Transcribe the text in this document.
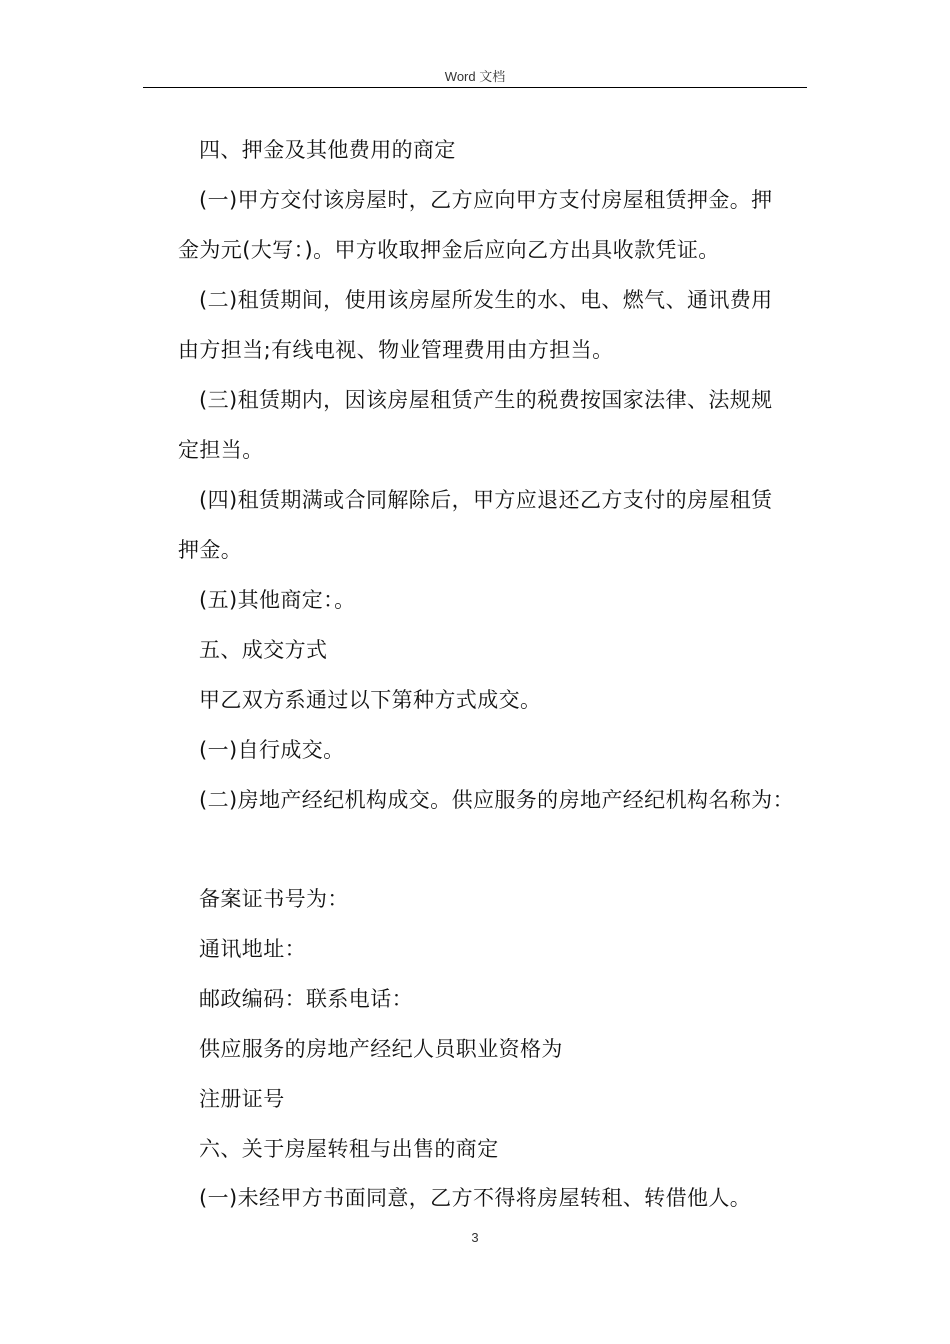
Word 文档
四、押金及其他费用的商定
(一)甲方交付该房屋时，乙方应向甲方支付房屋租赁押金。押
金为元(大写：)。甲方收取押金后应向乙方出具收款凭证。
(二)租赁期间，使用该房屋所发生的水、电、燃气、通讯费用
由方担当;有线电视、物业管理费用由方担当。
(三)租赁期内，因该房屋租赁产生的税费按国家法律、法规规
定担当。
(四)租赁期满或合同解除后，甲方应退还乙方支付的房屋租赁
押金。
(五)其他商定：。
五、成交方式
甲乙双方系通过以下第种方式成交。
(一)自行成交。
(二)房地产经纪机构成交。供应服务的房地产经纪机构名称为：
备案证书号为：
通讯地址：
邮政编码：联系电话：
供应服务的房地产经纪人员职业资格为
注册证号
六、关于房屋转租与出售的商定
(一)未经甲方书面同意，乙方不得将房屋转租、转借他人。
3
